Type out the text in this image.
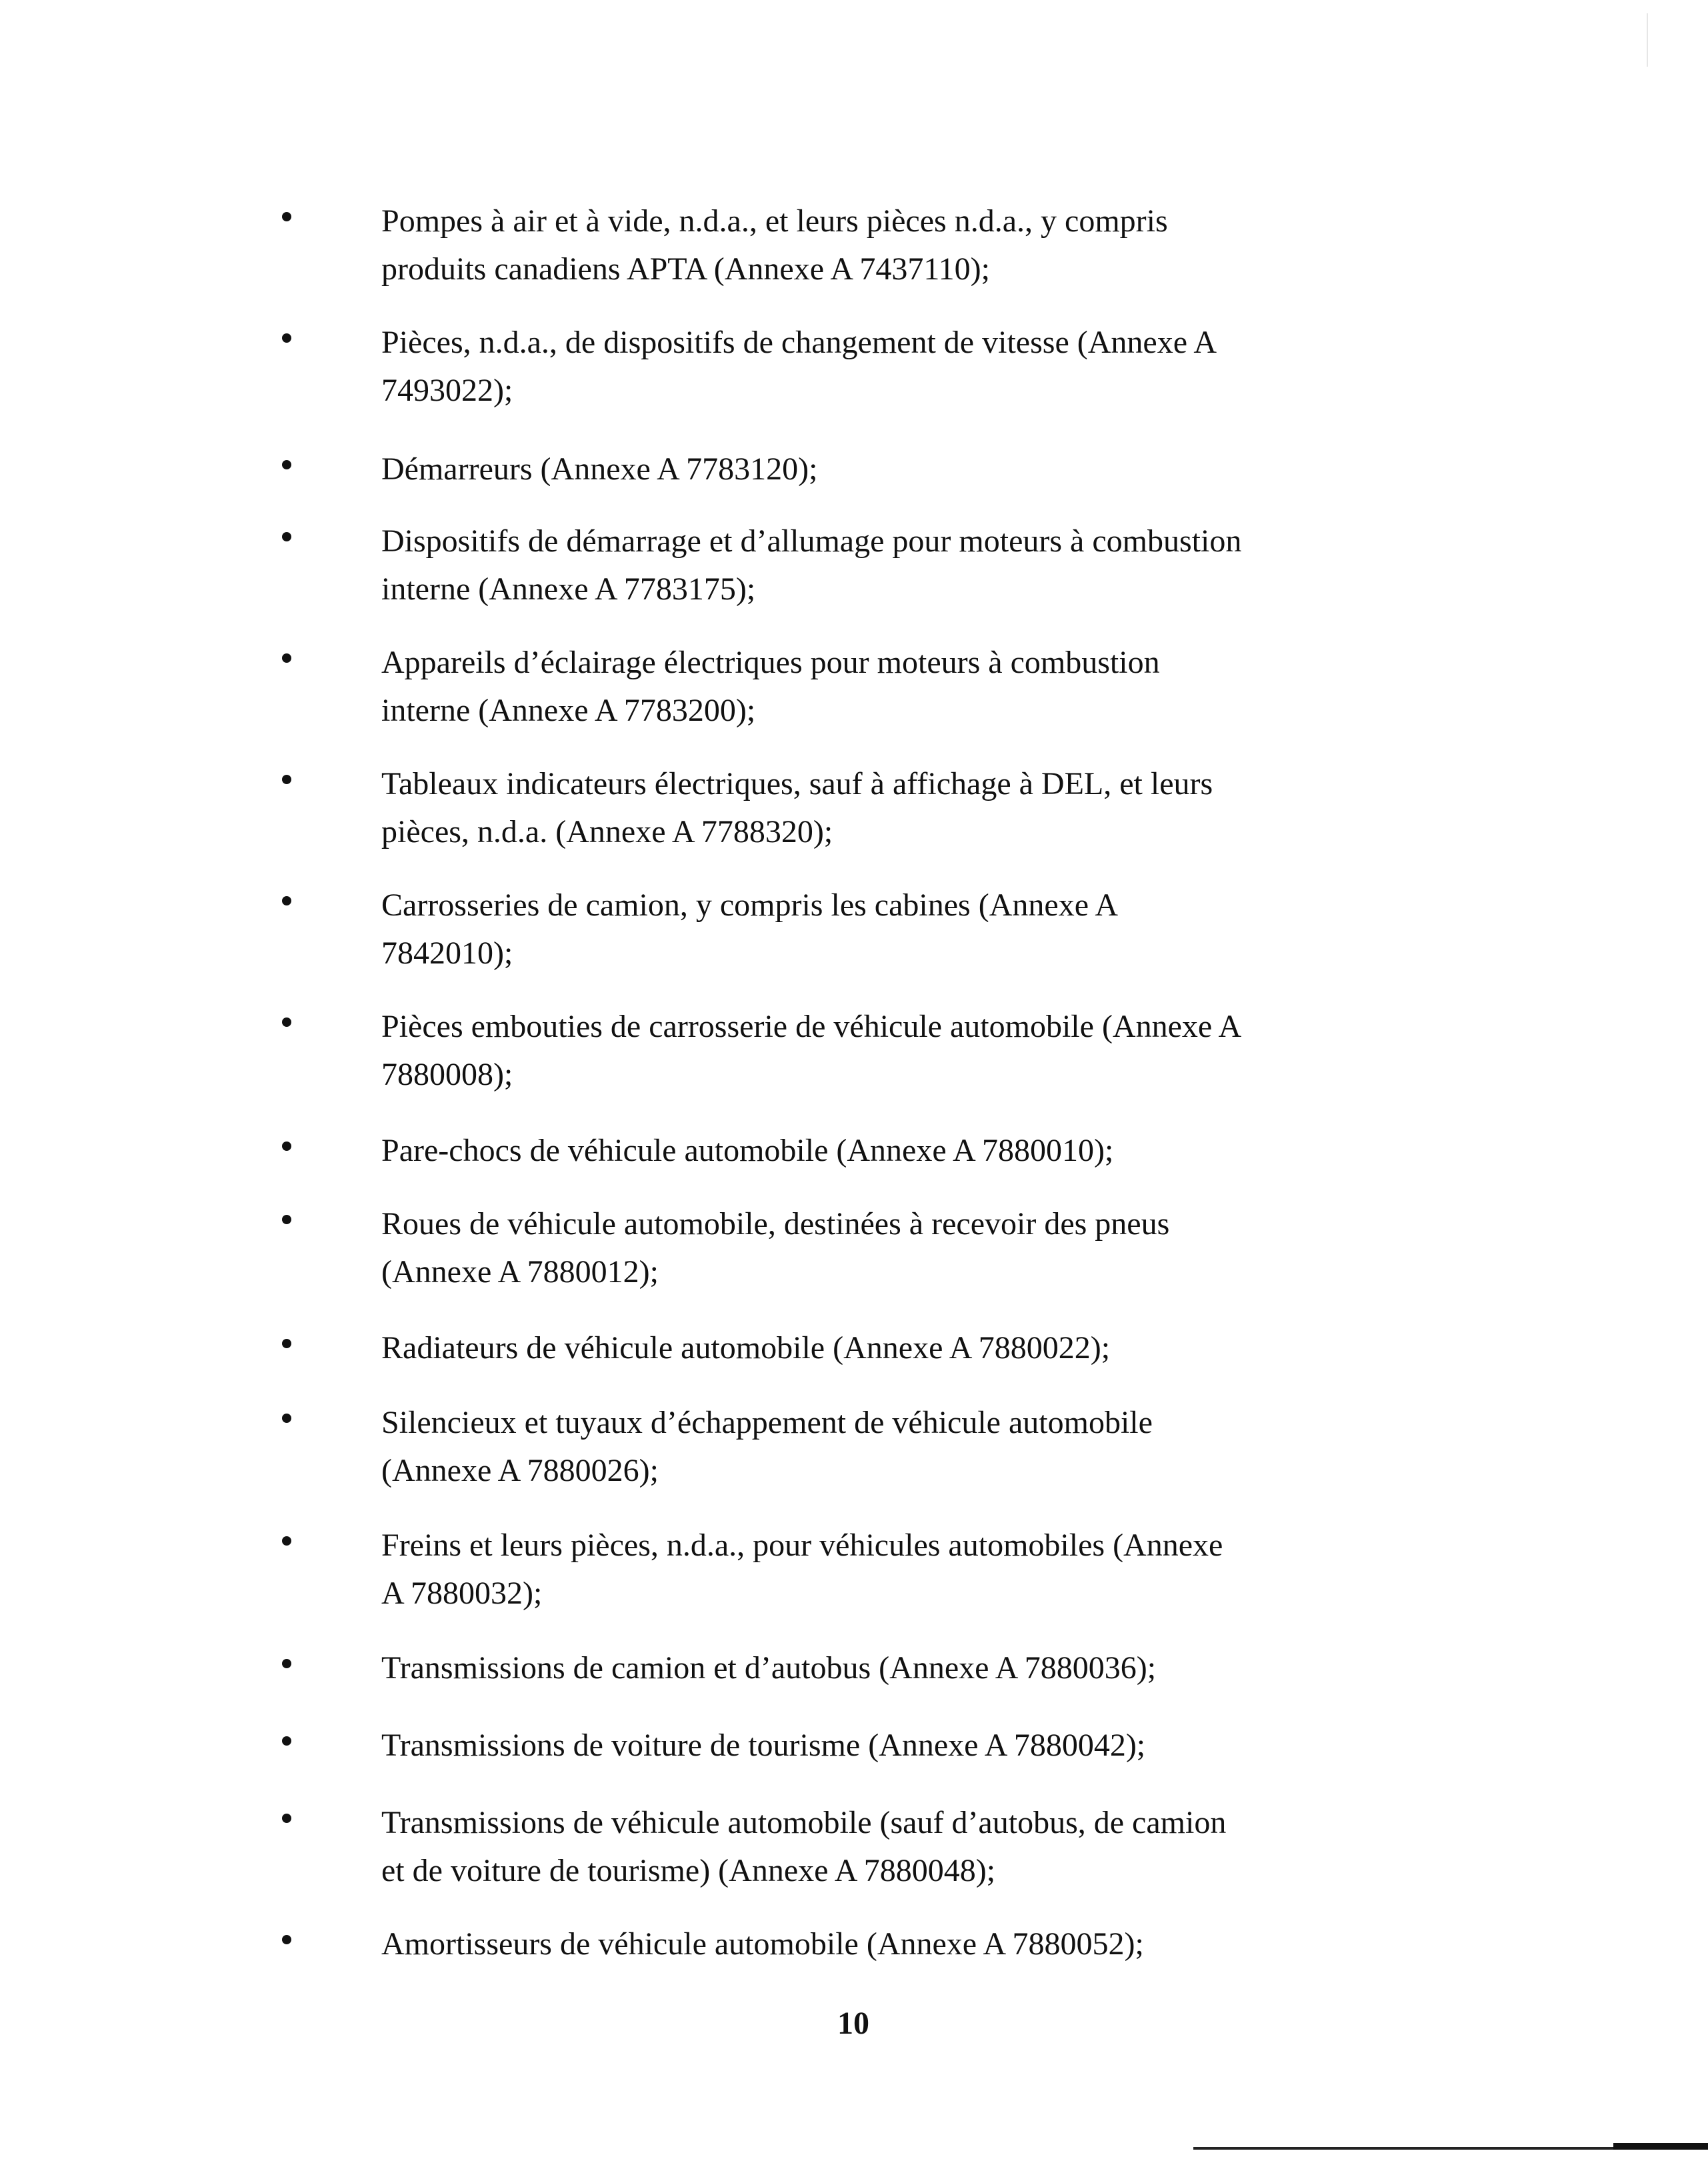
Pompes à air et à vide, n.d.a., et leurs pièces n.d.a., y compris
produits canadiens APTA (Annexe A 7437110);
Pièces, n.d.a., de dispositifs de changement de vitesse (Annexe A
7493022);
Démarreurs (Annexe A 7783120);
Dispositifs de démarrage et d’allumage pour moteurs à combustion
interne (Annexe A 7783175);
Appareils d’éclairage électriques pour moteurs à combustion
interne (Annexe A 7783200);
Tableaux indicateurs électriques, sauf à affichage à DEL, et leurs
pièces, n.d.a. (Annexe A 7788320);
Carrosseries de camion, y compris les cabines (Annexe A
7842010);
Pièces embouties de carrosserie de véhicule automobile (Annexe A
7880008);
Pare-chocs de véhicule automobile (Annexe A 7880010);
Roues de véhicule automobile, destinées à recevoir des pneus
(Annexe A 7880012);
Radiateurs de véhicule automobile (Annexe A 7880022);
Silencieux et tuyaux d’échappement de véhicule automobile
(Annexe A 7880026);
Freins et leurs pièces, n.d.a., pour véhicules automobiles (Annexe
A 7880032);
Transmissions de camion et d’autobus (Annexe A 7880036);
Transmissions de voiture de tourisme (Annexe A 7880042);
Transmissions de véhicule automobile (sauf d’autobus, de camion
et de voiture de tourisme) (Annexe A 7880048);
Amortisseurs de véhicule automobile (Annexe A 7880052);
10
